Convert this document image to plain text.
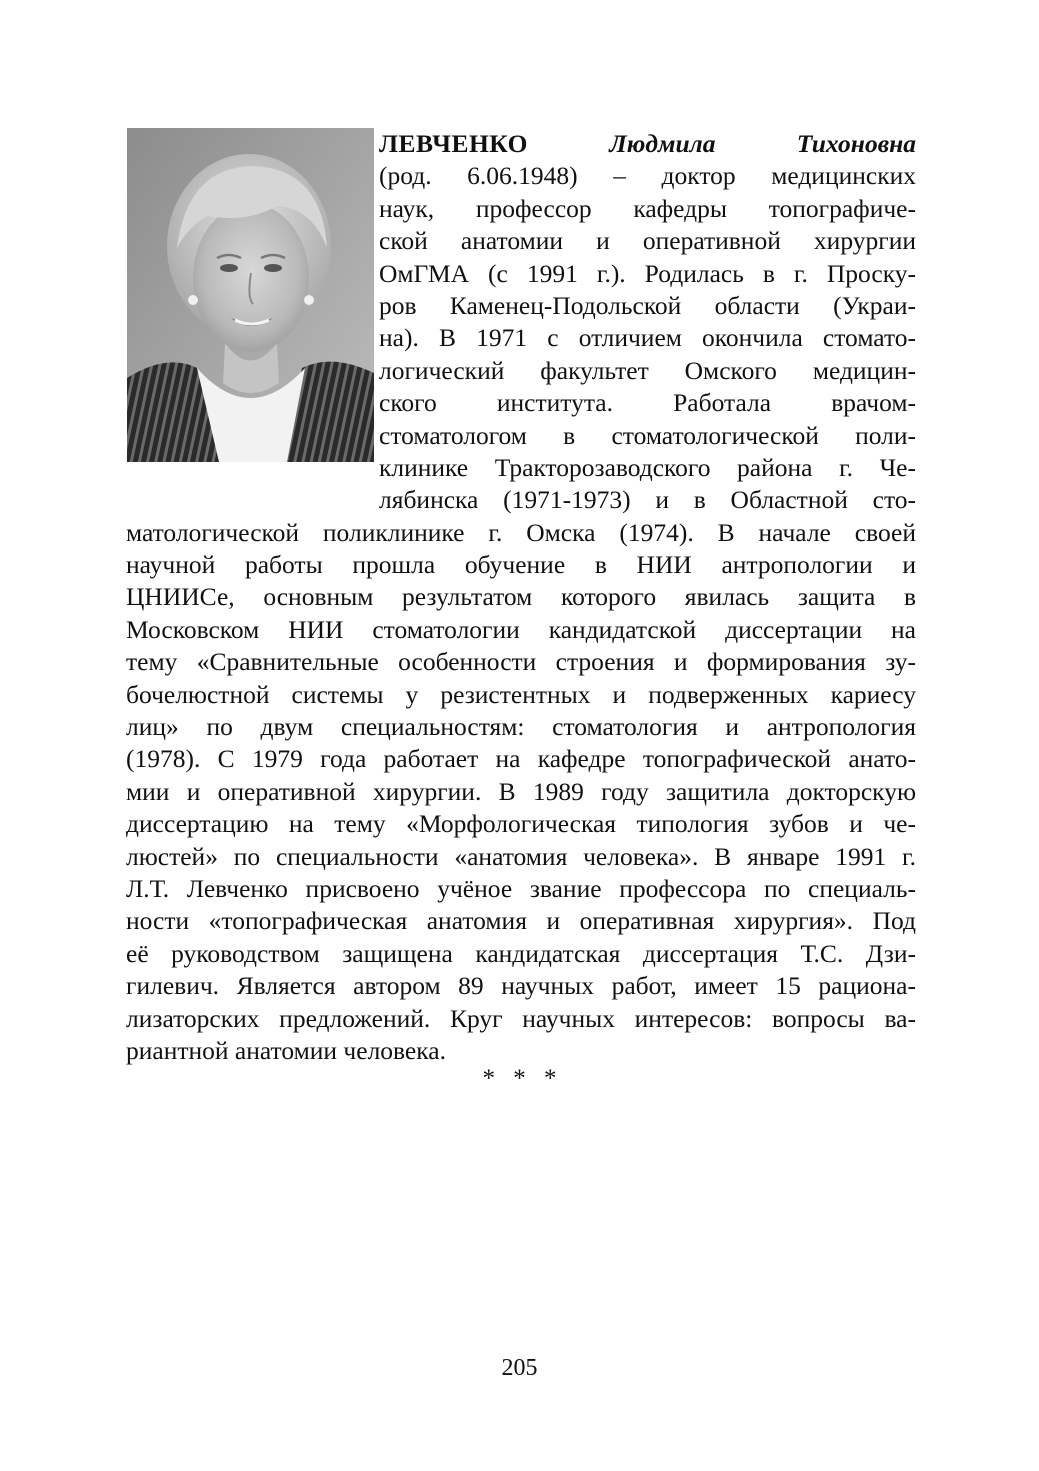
ЛЕВЧЕНКО	Людмила Тихоновна
(род. 6.06.1948) – доктор медицинских
наук, профессор кафедры топографиче-
ской анатомии и оперативной хирургии
ОмГМА (с 1991 г.). Родилась в г. Проску-
ров Каменец-Подольской области (Украи-
на). В 1971 с отличием окончила стомато-
логический факультет Омского медицин-
ского института. Работала врачом-
стоматологом в стоматологической поли-
клинике Тракторозаводского района г. Че-
лябинска (1971-1973) и в Областной сто-
матологической поликлинике г. Омска (1974). В начале своей
научной работы прошла обучение в НИИ антропологии и
ЦНИИСе, основным результатом которого явилась защита в
Московском НИИ стоматологии кандидатской диссертации на
тему «Сравнительные особенности строения и формирования зу-
бочелюстной системы у резистентных и подверженных кариесу
лиц» по двум специальностям: стоматология и антропология
(1978). С 1979 года работает на кафедре топографической анато-
мии и оперативной хирургии. В 1989 году защитила докторскую
диссертацию на тему «Морфологическая типология зубов и че-
люстей» по специальности «анатомия человека». В январе 1991 г.
Л.Т. Левченко присвоено учёное звание профессора по специаль-
ности «топографическая анатомия и оперативная хирургия». Под
её руководством защищена кандидатская диссертация Т.С. Дзи-
гилевич. Является автором 89 научных работ, имеет 15 рациона-
лизаторских предложений. Круг научных интересов: вопросы ва-
риантной анатомии человека.
* * *
205
